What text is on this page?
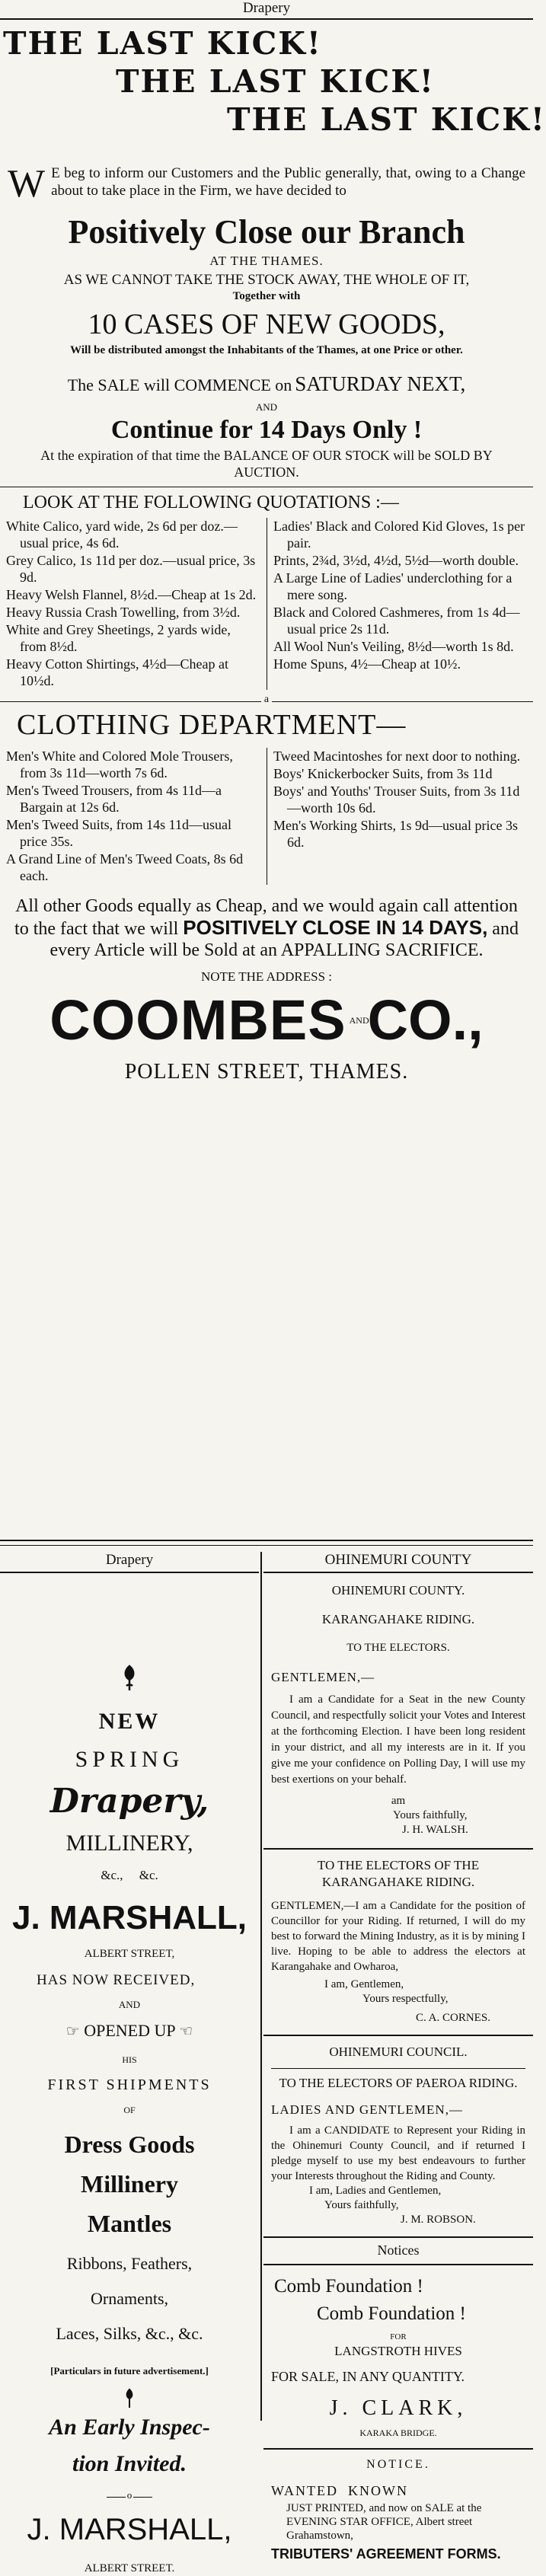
Drapery
THE LAST KICK!
THE LAST KICK!
THE LAST KICK!
W E beg to inform our Customers and the Public generally, that, owing to a Change about to take place in the Firm, we have decided to
Positively Close our Branch
AT THE THAMES.
AS WE CANNOT TAKE THE STOCK AWAY, THE WHOLE OF IT,
Together with
10 CASES OF NEW GOODS,
Will be distributed amongst the Inhabitants of the Thames, at one Price or other.
The SALE will COMMENCE on SATURDAY NEXT,
AND
Continue for 14 Days Only !
At the expiration of that time the BALANCE OF OUR STOCK will be SOLD BY AUCTION.
LOOK AT THE FOLLOWING QUOTATIONS :—
White Calico, yard wide, 2s 6d per doz.—usual price, 4s 6d.
Grey Calico, 1s 11d per doz.—usual price, 3s 9d.
Heavy Welsh Flannel, 8½d.—Cheap at 1s 2d.
Heavy Russia Crash Towelling, from 3½d.
White and Grey Sheetings, 2 yards wide, from 8½d.
Heavy Cotton Shirtings, 4½d—Cheap at 10½d.
Ladies' Black and Colored Kid Gloves, 1s per pair.
Prints, 2¾d, 3½d, 4½d, 5½d—worth double.
A Large Line of Ladies' underclothing for a mere song.
Black and Colored Cashmeres, from 1s 4d—usual price 2s 11d.
All Wool Nun's Veiling, 8½d—worth 1s 8d.
Home Spuns, 4½—Cheap at 10½.
a
CLOTHING DEPARTMENT—
Men's White and Colored Mole Trousers, from 3s 11d—worth 7s 6d.
Men's Tweed Trousers, from 4s 11d—a Bargain at 12s 6d.
Men's Tweed Suits, from 14s 11d—usual price 35s.
A Grand Line of Men's Tweed Coats, 8s 6d each.
Tweed Macintoshes for next door to nothing.
Boys' Knickerbocker Suits, from 3s 11d
Boys' and Youths' Trouser Suits, from 3s 11d—worth 10s 6d.
Men's Working Shirts, 1s 9d—usual price 3s 6d.
All other Goods equally as Cheap, and we would again call attention to the fact that we will POSITIVELY CLOSE IN 14 DAYS, and every Article will be Sold at an APPALLING SACRIFICE.
NOTE THE ADDRESS :
COOMBES AND CO.,
POLLEN STREET, THAMES.
Drapery
NEW
SPRING
Drapery,
MILLINERY,
&c.,     &c.
J. MARSHALL,
ALBERT STREET,
HAS NOW RECEIVED,
AND
☞ OPENED UP ☜
HIS
FIRST SHIPMENTS
OF
Dress Goods
Millinery
Mantles
Ribbons, Feathers,
Ornaments,
Laces, Silks, &c., &c.
[Particulars in future advertisement.]
An Early Inspec-
tion Invited.
o
J. MARSHALL,
ALBERT STREET.
OHINEMURI COUNTY
OHINEMURI COUNTY.
KARANGAHAKE RIDING.
TO THE ELECTORS.
GENTLEMEN,—

I am a Candidate for a Seat in the new County Council, and respectfully solicit your Votes and Interest at the forthcoming Election. I have been long resident in your district, and all my interests are in it. If you give me your confidence on Polling Day, I will use my best exertions on your behalf.

am
Yours faithfully,
J. H. WALSH.
TO THE ELECTORS OF THE KARANGAHAKE RIDING.

GENTLEMEN,—I am a Candidate for the position of Councillor for your Riding. If returned, I will do my best to forward the Mining Industry, as it is by mining I live. Hoping to be able to address the electors at Karangahake and Owharoa,

I am, Gentlemen,
Yours respectfully,
C. A. CORNES.
OHINEMURI COUNCIL.
TO THE ELECTORS OF PAEROA RIDING.
LADIES AND GENTLEMEN,—

I am a CANDIDATE to Represent your Riding in the Ohinemuri County Council, and if returned I pledge myself to use my best endeavours to further your Interests throughout the Riding and County.

I am, Ladies and Gentlemen,
Yours faithfully,
J. M. ROBSON.
Notices
Comb Foundation !
Comb Foundation !
FOR
LANGSTROTH HIVES
FOR SALE, IN ANY QUANTITY.
J. CLARK,
KARAKA BRIDGE.
NOTICE.
WANTED  KNOWN

JUST PRINTED, and now on SALE at the EVENING STAR OFFICE, Albert street Grahamstown,

TRIBUTERS' AGREEMENT FORMS.
